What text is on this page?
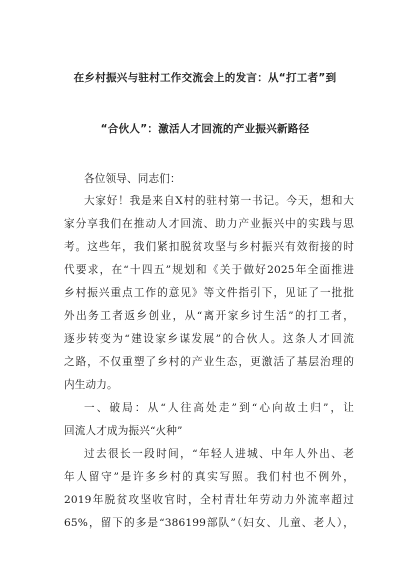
在乡村振兴与驻村工作交流会上的发言：从“打工者”到
“合伙人”：激活人才回流的产业振兴新路径
各位领导、同志们：
大家好！我是来自X村的驻村第一书记。今天，想和大
家分享我们在推动人才回流、助力产业振兴中的实践与思
考。这些年，我们紧扣脱贫攻坚与乡村振兴有效衔接的时
代要求，在“十四五”规划和《关于做好2025年全面推进
乡村振兴重点工作的意见》等文件指引下，见证了一批批
外出务工者返乡创业，从“离开家乡讨生活”的打工者，
逐步转变为“建设家乡谋发展”的合伙人。这条人才回流
之路，不仅重塑了乡村的产业生态，更激活了基层治理的
内生动力。
一、破局：从“人往高处走”到“心向故土归”，让
回流人才成为振兴“火种”
过去很长一段时间，“年轻人进城、中年人外出、老
年人留守”是许多乡村的真实写照。我们村也不例外，
2019年脱贫攻坚收官时，全村青壮年劳动力外流率超过
65%，留下的多是“386199部队”（妇女、儿童、老人），
